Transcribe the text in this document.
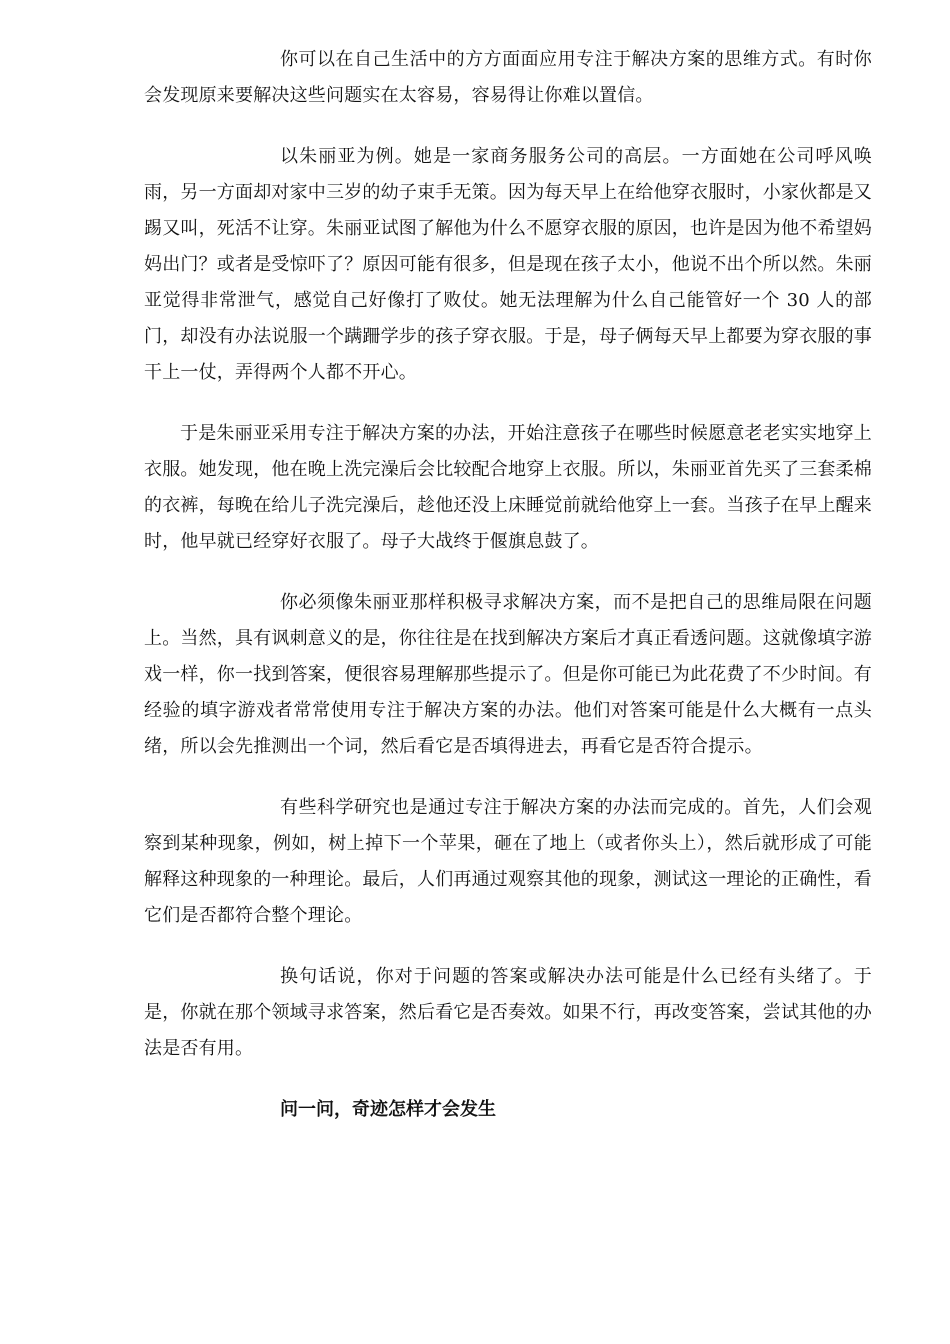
你可以在自己生活中的方方面面应用专注于解决方案的思维方式。有时你会发现原来要解决这些问题实在太容易，容易得让你难以置信。

以朱丽亚为例。她是一家商务服务公司的高层。一方面她在公司呼风唤雨，另一方面却对家中三岁的幼子束手无策。因为每天早上在给他穿衣服时，小家伙都是又踢又叫，死活不让穿。朱丽亚试图了解他为什么不愿穿衣服的原因，也许是因为他不希望妈妈出门？或者是受惊吓了？原因可能有很多，但是现在孩子太小，他说不出个所以然。朱丽亚觉得非常泄气，感觉自己好像打了败仗。她无法理解为什么自己能管好一个 30 人的部门，却没有办法说服一个蹒跚学步的孩子穿衣服。于是，母子俩每天早上都要为穿衣服的事干上一仗，弄得两个人都不开心。

于是朱丽亚采用专注于解决方案的办法，开始注意孩子在哪些时候愿意老老实实地穿上衣服。她发现，他在晚上洗完澡后会比较配合地穿上衣服。所以，朱丽亚首先买了三套柔棉的衣裤，每晚在给儿子洗完澡后，趁他还没上床睡觉前就给他穿上一套。当孩子在早上醒来时，他早就已经穿好衣服了。母子大战终于偃旗息鼓了。

你必须像朱丽亚那样积极寻求解决方案，而不是把自己的思维局限在问题上。当然，具有讽刺意义的是，你往往是在找到解决方案后才真正看透问题。这就像填字游戏一样，你一找到答案，便很容易理解那些提示了。但是你可能已为此花费了不少时间。有经验的填字游戏者常常使用专注于解决方案的办法。他们对答案可能是什么大概有一点头绪，所以会先推测出一个词，然后看它是否填得进去，再看它是否符合提示。

有些科学研究也是通过专注于解决方案的办法而完成的。首先，人们会观察到某种现象，例如，树上掉下一个苹果，砸在了地上（或者你头上），然后就形成了可能解释这种现象的一种理论。最后，人们再通过观察其他的现象，测试这一理论的正确性，看它们是否都符合整个理论。

换句话说，你对于问题的答案或解决办法可能是什么已经有头绪了。于是，你就在那个领域寻求答案，然后看它是否奏效。如果不行，再改变答案，尝试其他的办法是否有用。

问一问，奇迹怎样才会发生
